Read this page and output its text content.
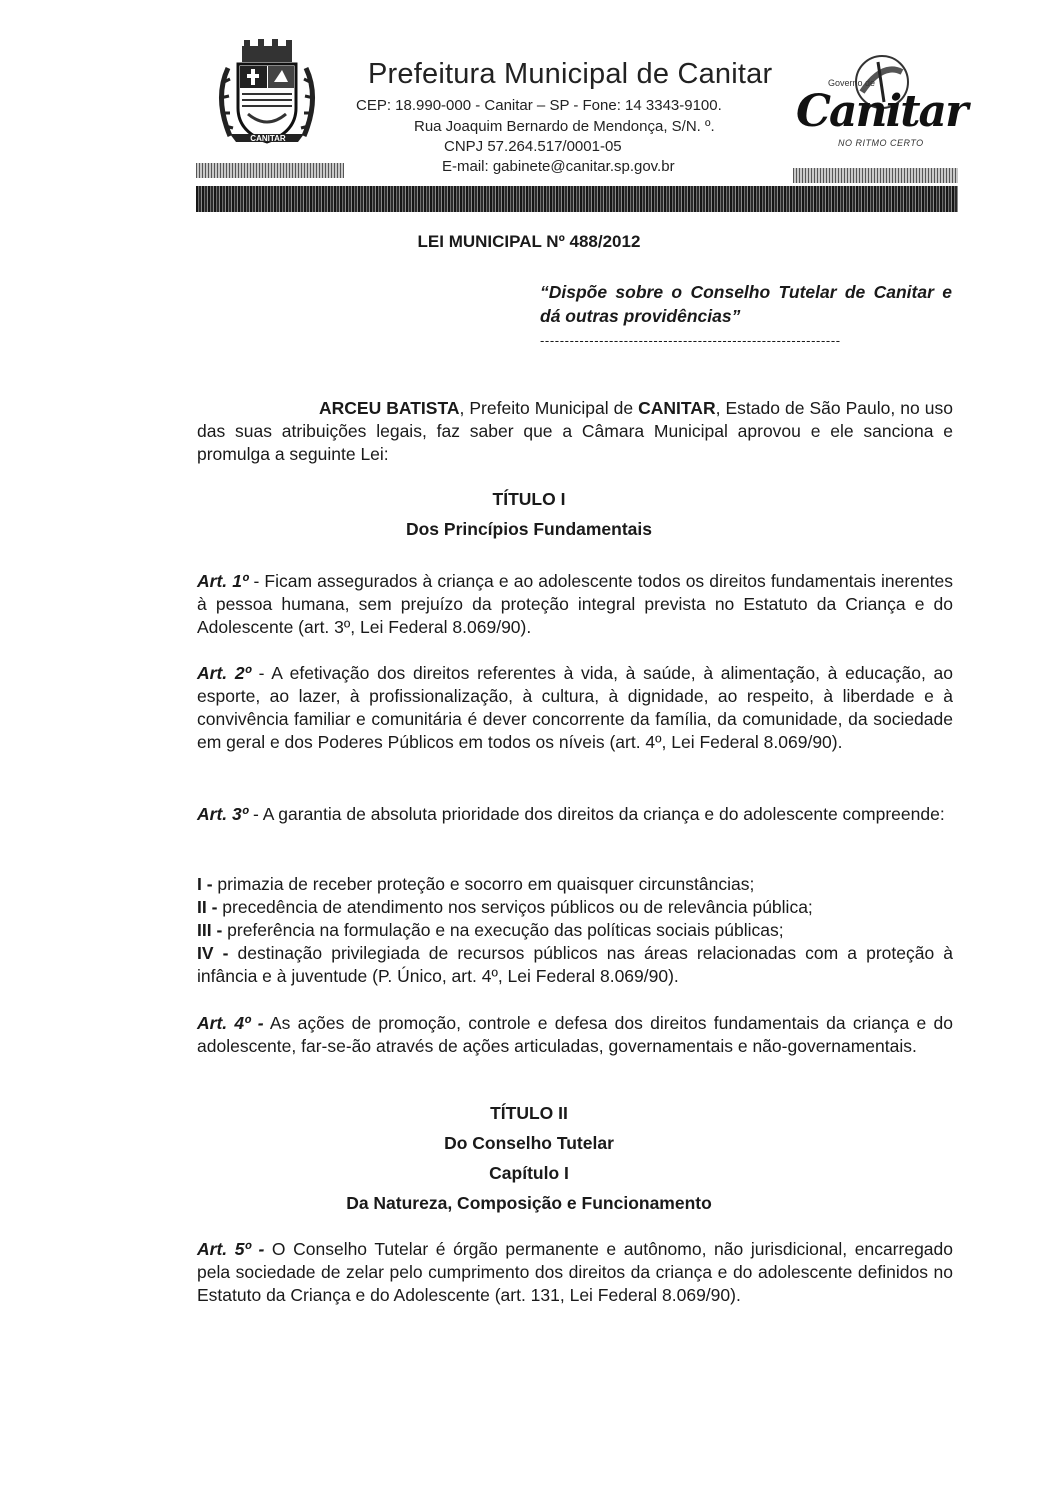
CANITAR
Prefeitura Municipal de Canitar
CEP: 18.990-000 - Canitar – SP - Fone: 14 3343-9100.
Rua Joaquim Bernardo de Mendonça, S/N. º.
CNPJ 57.264.517/0001-05
E-mail: gabinete@canitar.sp.gov.br
Governo de
Canitar
NO RITMO CERTO
LEI MUNICIPAL Nº 488/2012
“Dispõe sobre o Conselho Tutelar de Canitar e dá outras providências”
-------------------------------------------------------------
ARCEU BATISTA, Prefeito Municipal de CANITAR, Estado de São Paulo, no uso das suas atribuições legais, faz saber que a Câmara Municipal aprovou e ele sanciona e promulga a seguinte Lei:
TÍTULO I
Dos Princípios Fundamentais
Art. 1º - Ficam assegurados à criança e ao adolescente todos os direitos fundamentais inerentes à pessoa humana, sem prejuízo da proteção integral prevista no Estatuto da Criança e do Adolescente (art. 3º, Lei Federal 8.069/90).
Art. 2º - A efetivação dos direitos referentes à vida, à saúde, à alimentação, à educação, ao esporte, ao lazer, à profissionalização, à cultura, à dignidade, ao respeito, à liberdade e à convivência familiar e comunitária é dever concorrente da família, da comunidade, da sociedade em geral e dos Poderes Públicos em todos os níveis (art. 4º, Lei Federal 8.069/90).
Art. 3º - A garantia de absoluta prioridade dos direitos da criança e do adolescente compreende:
I - primazia de receber proteção e socorro em quaisquer circunstâncias;
II - precedência de atendimento nos serviços públicos ou de relevância pública;
III - preferência na formulação e na execução das políticas sociais públicas;
IV - destinação privilegiada de recursos públicos nas áreas relacionadas com a proteção à infância e à juventude (P. Único, art. 4º, Lei Federal 8.069/90).
Art. 4º - As ações de promoção, controle e defesa dos direitos fundamentais da criança e do adolescente, far-se-ão através de ações articuladas, governamentais e não-governamentais.
TÍTULO II
Do Conselho Tutelar
Capítulo I
Da Natureza, Composição e Funcionamento
Art. 5º - O Conselho Tutelar é órgão permanente e autônomo, não jurisdicional, encarregado pela sociedade de zelar pelo cumprimento dos direitos da criança e do adolescente definidos no Estatuto da Criança e do Adolescente (art. 131, Lei Federal 8.069/90).
